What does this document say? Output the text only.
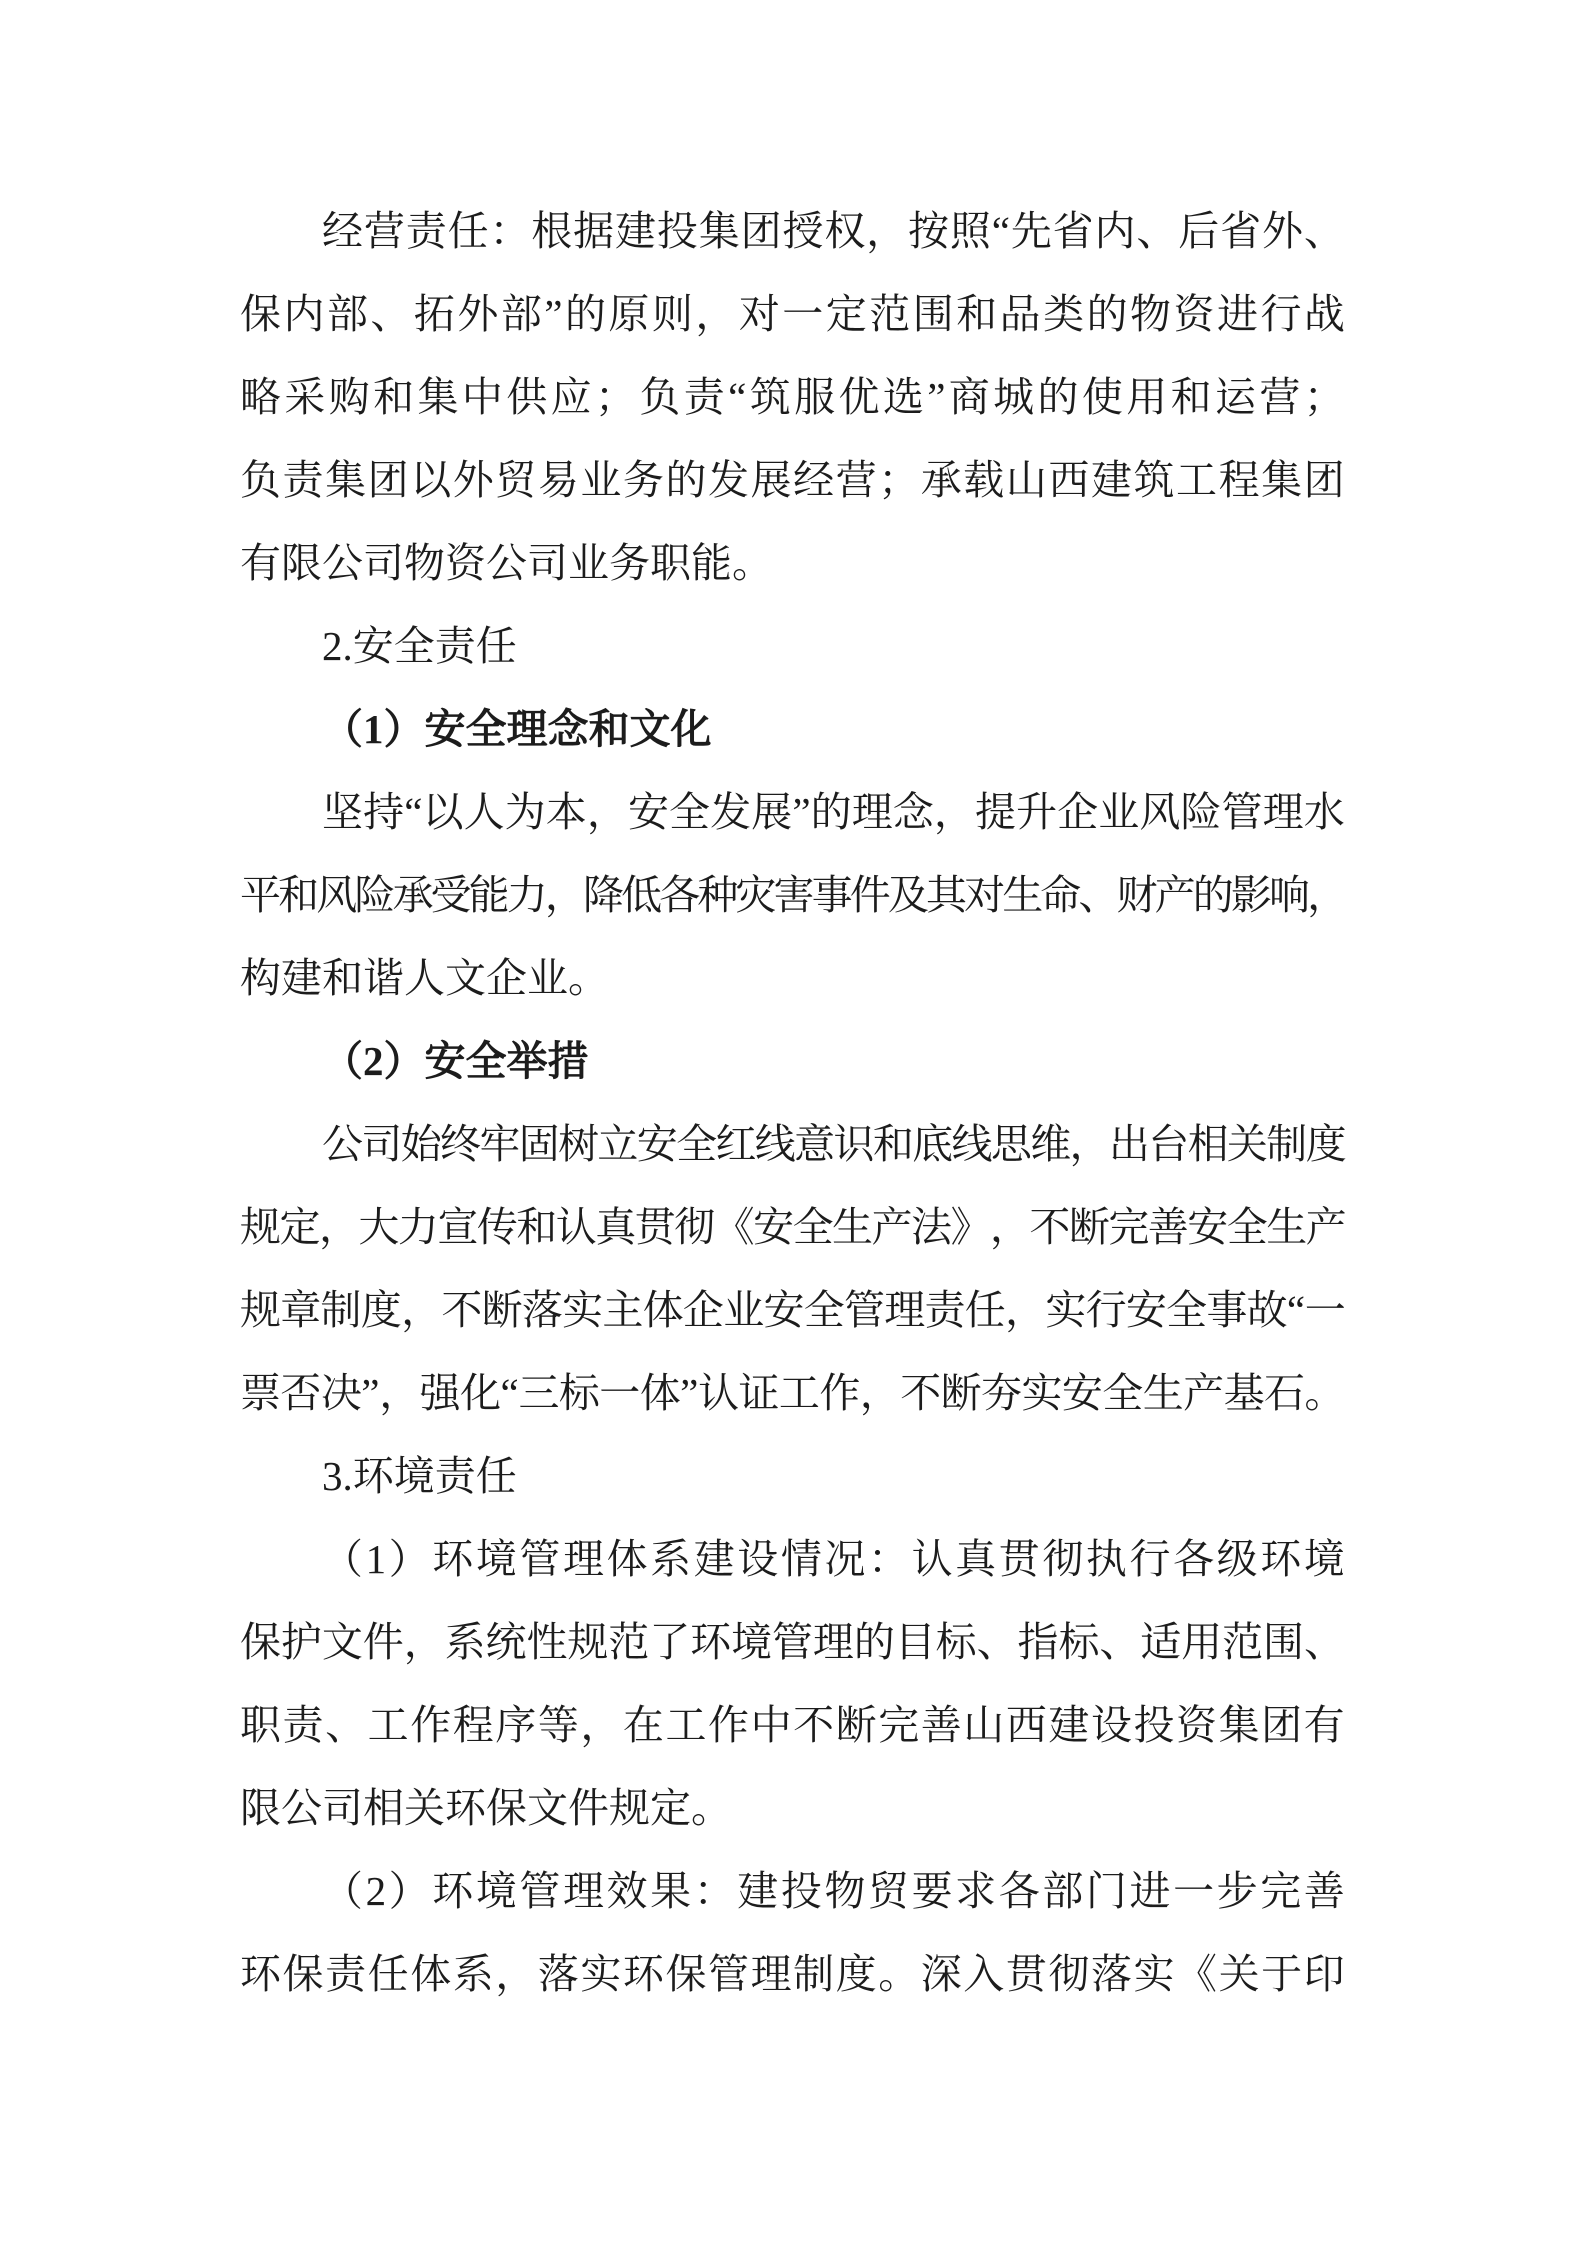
经 营 责 任 ： 根 据 建 投 集 团 授 权 ， 按 照 “ 先 省 内 、 后 省 外 、
保 内 部 、 拓 外 部 ” 的 原 则 ， 对 一 定 范 围 和 品 类 的 物 资 进 行 战
略 采 购 和 集 中 供 应 ； 负 责 “ 筑 服 优 选 ” 商 城 的 使 用 和 运 营 ；
负 责 集 团 以 外 贸 易 业 务 的 发 展 经 营 ； 承 载 山 西 建 筑 工 程 集 团
有限公司物资公司业务职能。
2.安全责任
（1）安全理念和文化
坚 持 “ 以 人 为 本 ， 安 全 发 展 ” 的 理 念 ， 提 升 企 业 风 险 管 理 水
平
和
风
险
承
受
能
力
，
降
低
各
种
灾
害
事
件
及
其
对
生
命
、
财
产
的
影
响
，
构建和谐人文企业。
（2）安全举措
公
司
始
终
牢
固
树
立
安
全
红
线
意
识
和
底
线
思
维
，
出
台
相
关
制
度
规
定
，
大
力
宣
传
和
认
真
贯
彻
《
安
全
生
产
法
》
，
不
断
完
善
安
全
生
产
规 章 制 度 ， 不 断 落 实 主 体 企 业 安 全 管 理 责 任 ， 实 行 安 全 事 故 “ 一
票 否 决 ” ， 强 化 “ 三 标 一 体 ” 认 证 工 作 ， 不 断 夯 实 安 全 生 产 基 石 。
3.环境责任
（ 1 ） 环 境 管 理 体 系 建 设 情 况 ： 认 真 贯 彻 执 行 各 级 环 境
保 护 文 件 ， 系 统 性 规 范 了 环 境 管 理 的 目 标 、 指 标 、 适 用 范 围 、
职 责 、 工 作 程 序 等 ， 在 工 作 中 不 断 完 善 山 西 建 设 投 资 集 团 有
限公司相关环保文件规定。
（ 2 ） 环 境 管 理 效 果 ： 建 投 物 贸 要 求 各 部 门 进 一 步 完 善
环 保 责 任 体 系 ， 落 实 环 保 管 理 制 度 。 深 入 贯 彻 落 实 《 关 于 印
